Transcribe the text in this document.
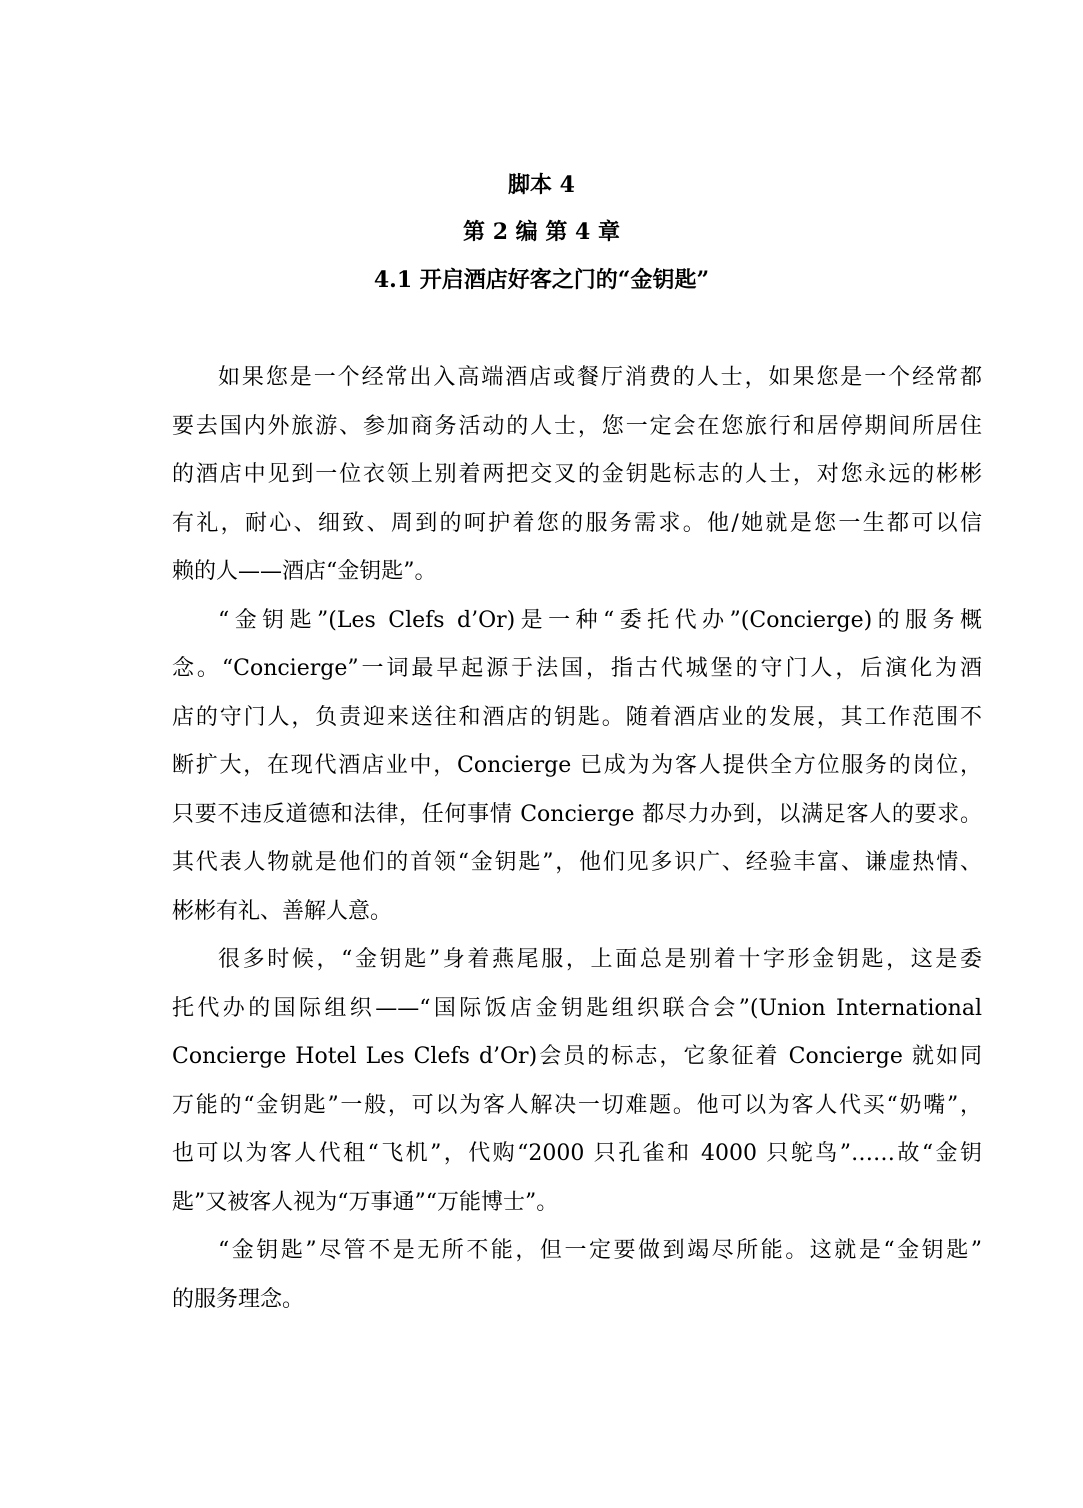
脚本 4
第 2 编 第 4 章
4.1 开启酒店好客之门的“金钥匙”
如果您是一个经常出入高端酒店或餐厅消费的人士，如果您是一个经常都
要去国内外旅游、参加商务活动的人士，您一定会在您旅行和居停期间所居住
的酒店中见到一位衣领上别着两把交叉的金钥匙标志的人士，对您永远的彬彬
有礼，耐心、细致、周到的呵护着您的服务需求。他/她就是您一生都可以信
赖的人——酒店“金钥匙”。
“金钥匙”(Les Clefs d’Or)是一种“委托代办”(Concierge)的服务概
念。“Concierge”一词最早起源于法国，指古代城堡的守门人，后演化为酒
店的守门人，负责迎来送往和酒店的钥匙。随着酒店业的发展，其工作范围不
断扩大，在现代酒店业中，Concierge 已成为为客人提供全方位服务的岗位，
只要不违反道德和法律，任何事情 Concierge 都尽力办到，以满足客人的要求。
其代表人物就是他们的首领“金钥匙”，他们见多识广、经验丰富、谦虚热情、
彬彬有礼、善解人意。
很多时候，“金钥匙”身着燕尾服，上面总是别着十字形金钥匙，这是委
托代办的国际组织——“国际饭店金钥匙组织联合会”(Union International
Concierge Hotel Les Clefs d’Or)会员的标志，它象征着 Concierge 就如同
万能的“金钥匙”一般，可以为客人解决一切难题。他可以为客人代买“奶嘴”，
也可以为客人代租“飞机”，代购“2000 只孔雀和 4000 只鸵鸟”……故“金钥
匙”又被客人视为“万事通”“万能博士”。
“金钥匙”尽管不是无所不能，但一定要做到竭尽所能。这就是“金钥匙”
的服务理念。
